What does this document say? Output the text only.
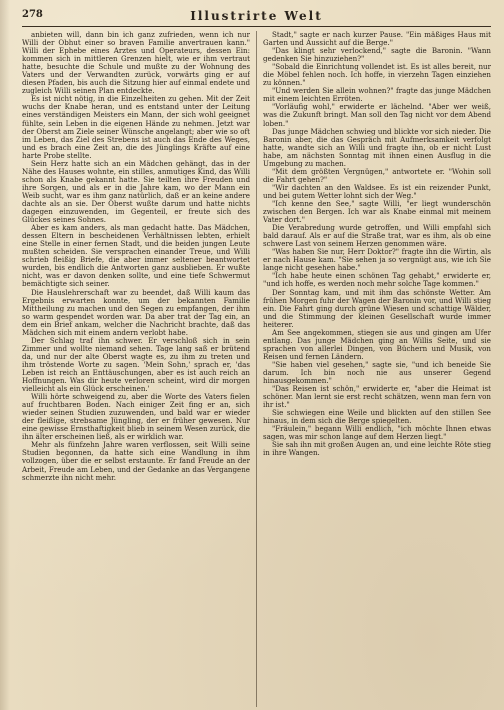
278	Illustrirte Welt

anbieten will, dann bin ich ganz zufrieden, wenn ich nur Willi der Obhut einer so braven Familie anvertrauen kann." Willi der Ephebe eines Arztes und Operateurs, dessen Ein: kommen sich in mittleren Grenzen hielt, wie er ihm vertraut hatte, besuchte die Schule und mußte zu der Wohnung des Vaters und der Verwandten zurück, vorwärts ging er auf diesen Pfaden, bis auch die Sitzung hier auf einmal endete und zugleich Willi seinen Plan entdeckte.

Es ist nicht nötig, in die Einzelheiten zu gehen. Mit der Zeit wuchs der Knabe heran, und es entstand unter der Leitung eines verständigen Meisters ein Mann, der sich wohl geeignet fühlte, sein Leben in die eigenen Hände zu nehmen. Jetzt war der Oberst am Ziele seiner Wünsche angelangt; aber wie so oft im Leben, das Ziel des Strebens ist auch das Ende des Weges, und es brach eine Zeit an, die des Jünglings Kräfte auf eine harte Probe stellte.

Sein Herz hatte sich an ein Mädchen gehängt, das in der Nähe des Hauses wohnte, ein stilles, anmutiges Kind, das Willi schon als Knabe gekannt hatte. Sie teilten ihre Freuden und ihre Sorgen, und als er in die Jahre kam, wo der Mann ein Weib sucht, war es ihm ganz natürlich, daß er an keine andere dachte als an sie. Der Oberst wußte darum und hatte nichts dagegen einzuwenden, im Gegenteil, er freute sich des Glückes seines Sohnes.

Aber es kam anders, als man gedacht hatte. Das Mädchen, dessen Eltern in bescheidenen Verhältnissen lebten, erhielt eine Stelle in einer fernen Stadt, und die beiden jungen Leute mußten scheiden. Sie versprachen einander Treue, und Willi schrieb fleißig Briefe, die aber immer seltener beantwortet wurden, bis endlich die Antworten ganz ausblieben. Er wußte nicht, was er davon denken sollte, und eine tiefe Schwermut bemächtigte sich seiner.

Die Hauslehrerschaft war zu beendet, daß Willi kaum das Ergebnis erwarten konnte, um der bekannten Familie Mittheilung zu machen und den Segen zu empfangen, der ihm so warm gespendet worden war. Da aber trat der Tag ein, an dem ein Brief ankam, welcher die Nachricht brachte, daß das Mädchen sich mit einem andern verlobt habe.

Der Schlag traf ihn schwer. Er verschloß sich in sein Zimmer und wollte niemand sehen. Tage lang saß er brütend da, und nur der alte Oberst wagte es, zu ihm zu treten und ihm tröstende Worte zu sagen. 'Mein Sohn,' sprach er, 'das Leben ist reich an Enttäuschungen, aber es ist auch reich an Hoffnungen. Was dir heute verloren scheint, wird dir morgen vielleicht als ein Glück erscheinen.'

Willi hörte schweigend zu, aber die Worte des Vaters fielen auf fruchtbaren Boden. Nach einiger Zeit fing er an, sich wieder seinen Studien zuzuwenden, und bald war er wieder der fleißige, strebsame Jüngling, der er früher gewesen. Nur eine gewisse Ernsthaftigkeit blieb in seinem Wesen zurück, die ihn älter erscheinen ließ, als er wirklich war.

Mehr als fünfzehn Jahre waren verflossen, seit Willi seine Studien begonnen, da hatte sich eine Wandlung in ihm vollzogen, über die er selbst erstaunte. Er fand Freude an der Arbeit, Freude am Leben, und der Gedanke an das Vergangene schmerzte ihn nicht mehr.

Stadt," sagte er nach kurzer Pause. "Ein mäßiges Haus mit Garten und Aussicht auf die Berge."

"Das klingt sehr verlockend," sagte die Baronin. "Wann gedenken Sie hinzuziehen?"

"Sobald die Einrichtung vollendet ist. Es ist alles bereit, nur die Möbel fehlen noch. Ich hoffe, in vierzehn Tagen einziehen zu können."

"Und werden Sie allein wohnen?" fragte das junge Mädchen mit einem leichten Erröten.

"Vorläufig wohl," erwiderte er lächelnd. "Aber wer weiß, was die Zukunft bringt. Man soll den Tag nicht vor dem Abend loben."

Das junge Mädchen schwieg und blickte vor sich nieder. Die Baronin aber, die das Gespräch mit Aufmerksamkeit verfolgt hatte, wandte sich an Willi und fragte ihn, ob er nicht Lust habe, am nächsten Sonntag mit ihnen einen Ausflug in die Umgebung zu machen.

"Mit dem größten Vergnügen," antwortete er. "Wohin soll die Fahrt gehen?"

"Wir dachten an den Waldsee. Es ist ein reizender Punkt, und bei gutem Wetter lohnt sich der Weg."

"Ich kenne den See," sagte Willi, "er liegt wunderschön zwischen den Bergen. Ich war als Knabe einmal mit meinem Vater dort."

Die Verabredung wurde getroffen, und Willi empfahl sich bald darauf. Als er auf die Straße trat, war es ihm, als ob eine schwere Last von seinem Herzen genommen wäre.

"Was haben Sie nur, Herr Doktor?" fragte ihn die Wirtin, als er nach Hause kam. "Sie sehen ja so vergnügt aus, wie ich Sie lange nicht gesehen habe."

"Ich habe heute einen schönen Tag gehabt," erwiderte er, "und ich hoffe, es werden noch mehr solche Tage kommen."

Der Sonntag kam, und mit ihm das schönste Wetter. Am frühen Morgen fuhr der Wagen der Baronin vor, und Willi stieg ein. Die Fahrt ging durch grüne Wiesen und schattige Wälder, und die Stimmung der kleinen Gesellschaft wurde immer heiterer.

Am See angekommen, stiegen sie aus und gingen am Ufer entlang. Das junge Mädchen ging an Willis Seite, und sie sprachen von allerlei Dingen, von Büchern und Musik, von Reisen und fernen Ländern.

"Sie haben viel gesehen," sagte sie, "und ich beneide Sie darum. Ich bin noch nie aus unserer Gegend hinausgekommen."

"Das Reisen ist schön," erwiderte er, "aber die Heimat ist schöner. Man lernt sie erst recht schätzen, wenn man fern von ihr ist."

Sie schwiegen eine Weile und blickten auf den stillen See hinaus, in dem sich die Berge spiegelten.

"Fräulein," begann Willi endlich, "ich möchte Ihnen etwas sagen, was mir schon lange auf dem Herzen liegt."

Sie sah ihn mit großen Augen an, und eine leichte Röte stieg in ihre Wangen.
